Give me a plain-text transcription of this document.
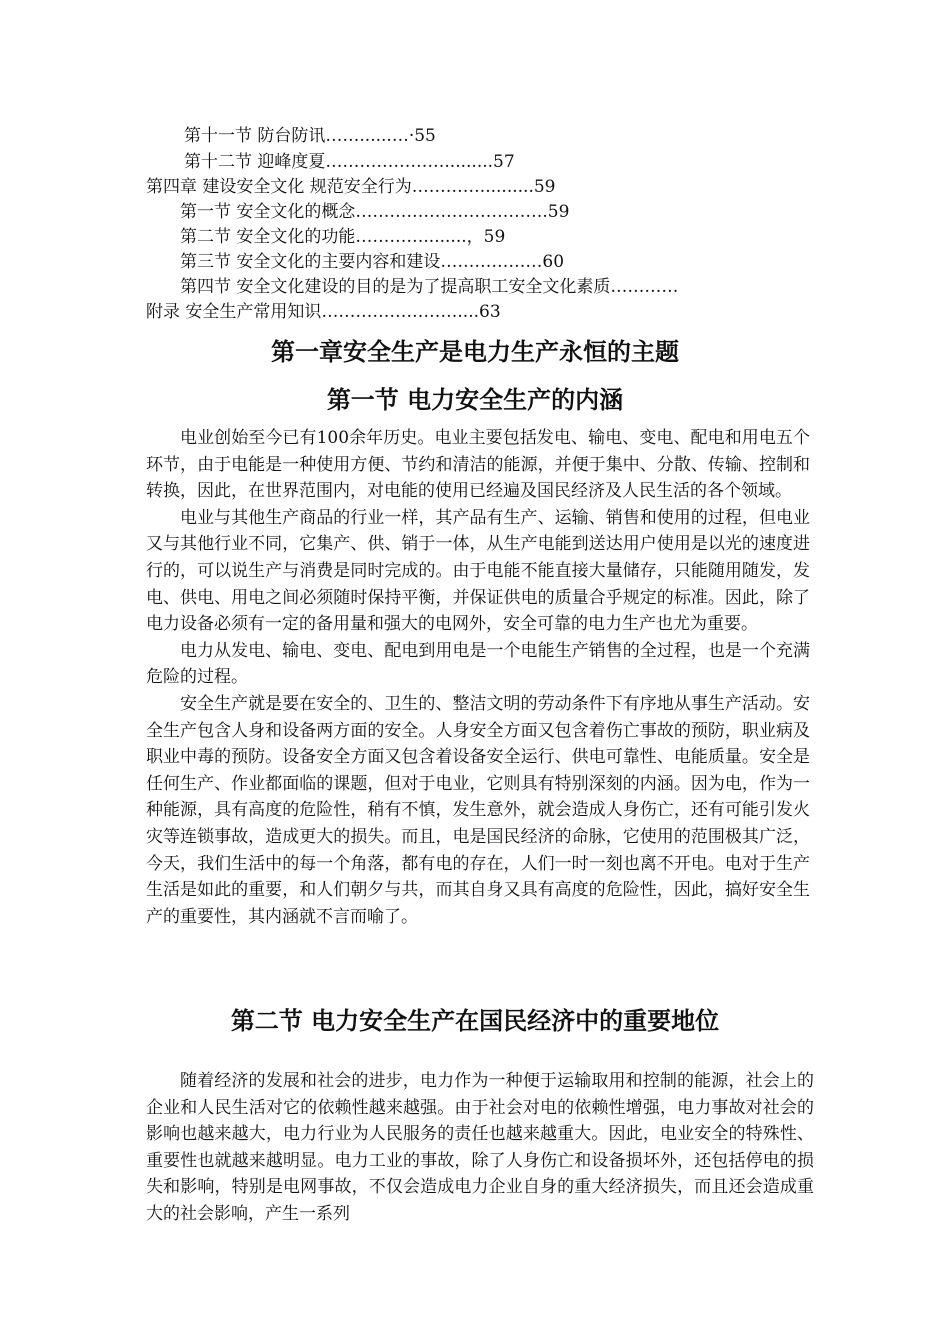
第十一节 防台防讯……......…·55
第十二节 迎峰度夏………………….........57
第四章 建设安全文化 规范安全行为…………..........59
第一节 安全文化的概念…………………………….59
第二节 安全文化的功能…………........，59
第三节 安全文化的主要内容和建设………………60
第四节 安全文化建设的目的是为了提高职工安全文化素质…………
附录 安全生产常用知识……………………....63
第一章安全生产是电力生产永恒的主题
第一节 电力安全生产的内涵

电业创始至今已有100余年历史。电业主要包括发电、输电、变电、配电和用电五个环节，由于电能是一种使用方便、节约和清洁的能源，并便于集中、分散、传输、控制和转换，因此，在世界范围内，对电能的使用已经遍及国民经济及人民生活的各个领域。

电业与其他生产商品的行业一样，其产品有生产、运输、销售和使用的过程，但电业又与其他行业不同，它集产、供、销于一体，从生产电能到送达用户使用是以光的速度进行的，可以说生产与消费是同时完成的。由于电能不能直接大量储存，只能随用随发，发电、供电、用电之间必须随时保持平衡，并保证供电的质量合乎规定的标准。因此，除了电力设备必须有一定的备用量和强大的电网外，安全可靠的电力生产也尤为重要。

电力从发电、输电、变电、配电到用电是一个电能生产销售的全过程，也是一个充满危险的过程。

安全生产就是要在安全的、卫生的、整洁文明的劳动条件下有序地从事生产活动。安全生产包含人身和设备两方面的安全。人身安全方面又包含着伤亡事故的预防，职业病及职业中毒的预防。设备安全方面又包含着设备安全运行、供电可靠性、电能质量。安全是任何生产、作业都面临的课题，但对于电业，它则具有特别深刻的内涵。因为电，作为一种能源，具有高度的危险性，稍有不慎，发生意外，就会造成人身伤亡，还有可能引发火灾等连锁事故，造成更大的损失。而且，电是国民经济的命脉，它使用的范围极其广泛，今天，我们生活中的每一个角落，都有电的存在，人们一时一刻也离不开电。电对于生产生活是如此的重要，和人们朝夕与共，而其自身又具有高度的危险性，因此，搞好安全生产的重要性，其内涵就不言而喻了。

第二节 电力安全生产在国民经济中的重要地位

随着经济的发展和社会的进步，电力作为一种便于运输取用和控制的能源，社会上的企业和人民生活对它的依赖性越来越强。由于社会对电的依赖性增强，电力事故对社会的影响也越来越大，电力行业为人民服务的责任也越来越重大。因此，电业安全的特殊性、重要性也就越来越明显。电力工业的事故，除了人身伤亡和设备损坏外，还包括停电的损失和影响，特别是电网事故，不仅会造成电力企业自身的重大经济损失，而且还会造成重大的社会影响，产生一系列
